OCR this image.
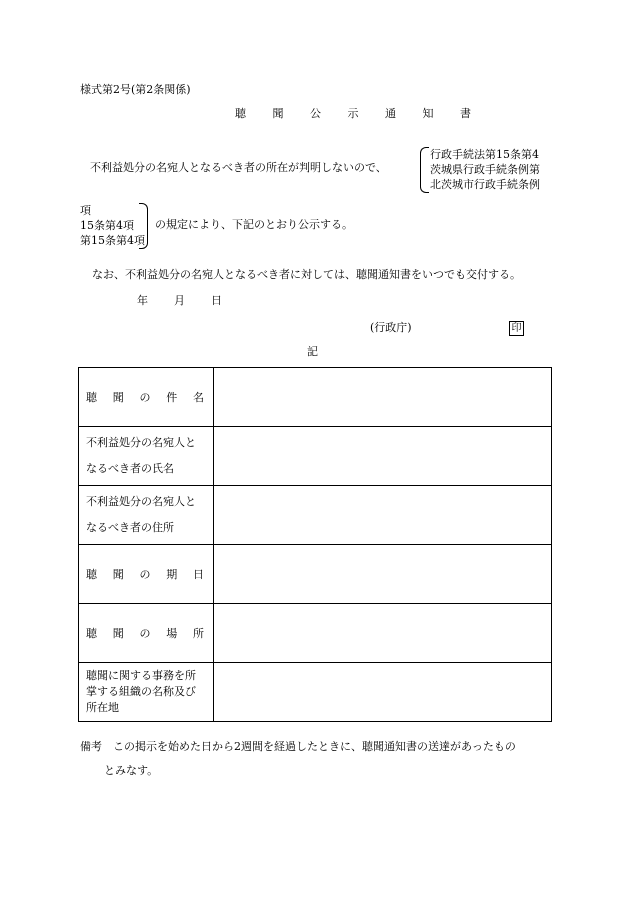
様式第2号(第2条関係)
聴 聞 公 示 通 知 書
不利益処分の名宛人となるべき者の所在が判明しないので、
行政手続法第15条第4
茨城県行政手続条例第
北茨城市行政手続条例
項
15条第4項
第15条第4項
の規定により、下記のとおり公示する。
なお、不利益処分の名宛人となるべき者に対しては、聴聞通知書をいつでも交付する。
年 月 日
(行政庁)	印
記
聴 聞 の 件 名	

不利益処分の名宛人と
なるべき者の氏名	

不利益処分の名宛人と
なるべき者の住所	

聴 聞 の 期 日	

聴 聞 の 場 所	

聴聞に関する事務を所
掌する組織の名称及び
所在地	

備考　 この掲示を始めた日から2週間を経過したときに、聴聞通知書の送達があったもの
とみなす。
